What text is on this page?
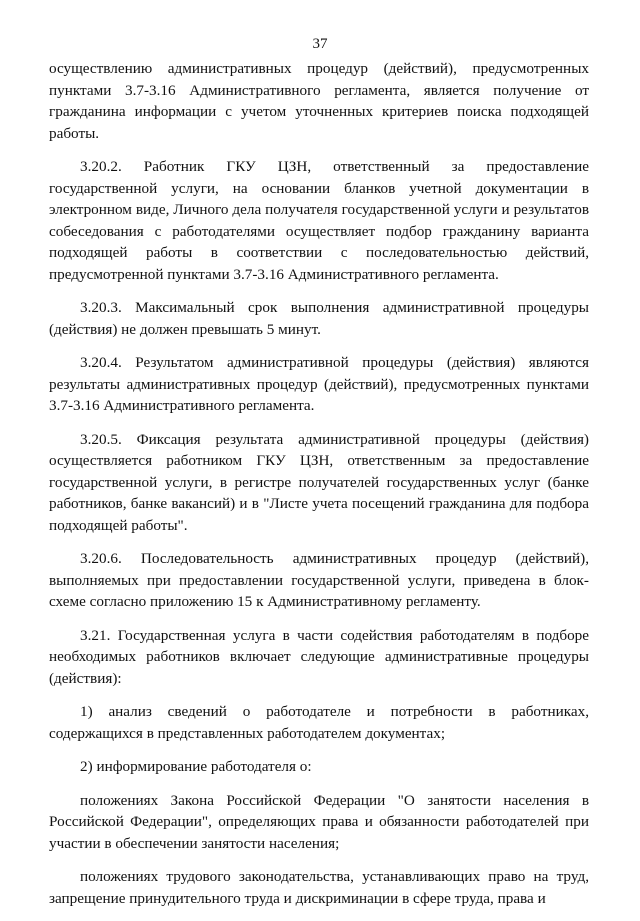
37

осуществлению административных процедур (действий), предусмотренных пунктами 3.7-3.16 Административного регламента, является получение от гражданина информации с учетом уточненных критериев поиска подходящей работы.

3.20.2. Работник ГКУ ЦЗН, ответственный за предоставление государственной услуги, на основании бланков учетной документации в электронном виде, Личного дела получателя государственной услуги и результатов собеседования с работодателями осуществляет подбор гражданину варианта подходящей работы в соответствии с последовательностью действий, предусмотренной пунктами 3.7-3.16 Административного регламента.

3.20.3. Максимальный срок выполнения административной процедуры (действия) не должен превышать 5 минут.

3.20.4. Результатом административной процедуры (действия) являются результаты административных процедур (действий), предусмотренных пунктами 3.7-3.16 Административного регламента.

3.20.5. Фиксация результата административной процедуры (действия) осуществляется работником ГКУ ЦЗН, ответственным за предоставление государственной услуги, в регистре получателей государственных услуг (банке работников, банке вакансий) и в "Листе учета посещений гражданина для подбора подходящей работы".

3.20.6. Последовательность административных процедур (действий), выполняемых при предоставлении государственной услуги, приведена в блок-схеме согласно приложению 15 к Административному регламенту.

3.21. Государственная услуга в части содействия работодателям в подборе необходимых работников включает следующие административные процедуры (действия):

1) анализ сведений о работодателе и потребности в работниках, содержащихся в представленных работодателем документах;

2) информирование работодателя о:

положениях Закона Российской Федерации "О занятости населения в Российской Федерации", определяющих права и обязанности работодателей при участии в обеспечении занятости населения;

положениях трудового законодательства, устанавливающих право на труд, запрещение принудительного труда и дискриминации в сфере труда, права и
